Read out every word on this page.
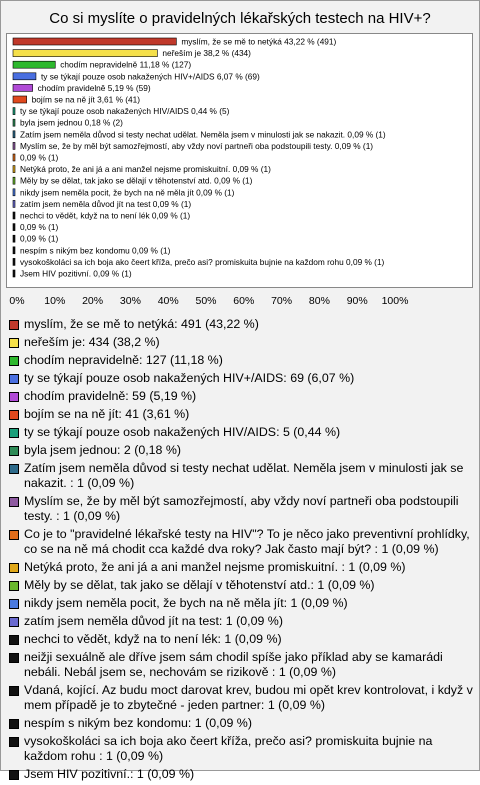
Co si myslíte o pravidelných lékařských testech na HIV+?
myslím, že se mě to netýká 43,22 % (491)
neřeším je 38,2 % (434)
chodím nepravidelně 11,18 % (127)
ty se týkají pouze osob nakažených HIV+/AIDS 6,07 % (69)
chodím pravidelně 5,19 % (59)
bojím se na ně jít 3,61 % (41)
ty se týkají pouze osob nakažených HIV/AIDS 0,44 % (5)
byla jsem jednou 0,18 % (2)
Zatím jsem neměla důvod si testy nechat udělat. Neměla jsem v minulosti jak se nakazit. 0,09 % (1)
Myslím se, že by měl být samozřejmostí, aby vždy noví partneři oba podstoupili testy. 0,09 % (1)
0,09 % (1)
Netýká proto, že ani já a ani manžel nejsme promiskuitní. 0,09 % (1)
Měly by se dělat, tak jako se dělají v těhotenství atd. 0,09 % (1)
nikdy jsem neměla pocit, že bych na ně měla jít 0,09 % (1)
zatím jsem neměla důvod jít na test 0,09 % (1)
nechci to vědět, když na to není lék 0,09 % (1)
0,09 % (1)
0,09 % (1)
nespím s nikým bez kondomu 0,09 % (1)
vysokoškoláci sa ich boja ako čeert kříža, prečo asi? promiskuita bujnie na každom rohu 0,09 % (1)
Jsem HIV pozitivní. 0,09 % (1)
0% 10% 20% 30% 40% 50% 60% 70% 80% 90% 100%
myslím, že se mě to netýká: 491 (43,22 %)
neřeším je: 434 (38,2 %)
chodím nepravidelně: 127 (11,18 %)
ty se týkají pouze osob nakažených HIV+/AIDS: 69 (6,07 %)
chodím pravidelně: 59 (5,19 %)
bojím se na ně jít: 41 (3,61 %)
ty se týkají pouze osob nakažených HIV/AIDS: 5 (0,44 %)
byla jsem jednou: 2 (0,18 %)
Zatím jsem neměla důvod si testy nechat udělat. Neměla jsem v minulosti jak se nakazit. : 1 (0,09 %)
Myslím se, že by měl být samozřejmostí, aby vždy noví partneři oba podstoupili testy. : 1 (0,09 %)
Co je to "pravidelné lékařské testy na HIV"? To je něco jako preventivní prohlídky, co se na ně má chodit cca každé dva roky? Jak často mají být? : 1 (0,09 %)
Netýká proto, že ani já a ani manžel nejsme promiskuitní. : 1 (0,09 %)
Měly by se dělat, tak jako se dělají v těhotenství atd.: 1 (0,09 %)
nikdy jsem neměla pocit, že bych na ně měla jít: 1 (0,09 %)
zatím jsem neměla důvod jít na test: 1 (0,09 %)
nechci to vědět, když na to není lék: 1 (0,09 %)
neižji sexuálně ale dříve jsem sám chodil spíše jako příklad aby se kamarádi nebáli. Nebál jsem se, nechovám se rizikově : 1 (0,09 %)
Vdaná, kojící. Az budu moct darovat krev, budou mi opět krev kontrolovat, i když v mem případě je to zbytečné - jeden partner: 1 (0,09 %)
nespím s nikým bez kondomu: 1 (0,09 %)
vysokoškoláci sa ich boja ako čeert kříža, prečo asi? promiskuita bujnie na každom rohu : 1 (0,09 %)
Jsem HIV pozitivní.: 1 (0,09 %)
